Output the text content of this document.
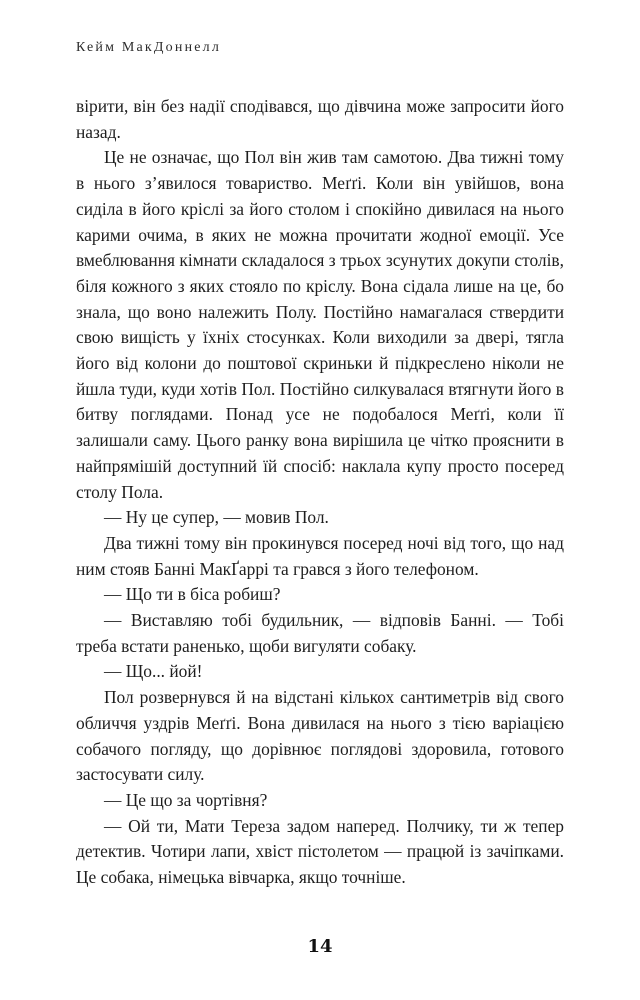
Кейм МакДоннелл

вірити, він без надії сподівався, що дівчина може запросити його назад.

Це не означає, що Пол він жив там самотою. Два тижні тому в нього з’явилося товариство. Меґґі. Коли він увійшов, вона сиділа в його кріслі за його столом і спокійно дивилася на нього карими очима, в яких не можна прочитати жодної емоції. Усе вмеблювання кімнати складалося з трьох зсунутих докупи столів, біля кожного з яких стояло по кріслу. Вона сідала лише на це, бо знала, що воно належить Полу. Постійно намагалася ствердити свою вищість у їхніх стосунках. Коли виходили за двері, тягла його від колони до поштової скриньки й підкреслено ніколи не йшла туди, куди хотів Пол. Постійно силкувалася втягнути його в битву поглядами. Понад усе не подобалося Меґґі, коли її залишали саму. Цього ранку вона вирішила це чітко прояснити в найпрямішій доступний їй спосіб: наклала купу просто посеред столу Пола.

— Ну це супер, — мовив Пол.

Два тижні тому він прокинувся посеред ночі від того, що над ним стояв Банні МакҐаррі та грався з його телефоном.

— Що ти в біса робиш?

— Виставляю тобі будильник, — відповів Банні. — Тобі треба встати раненько, щоби вигуляти собаку.

— Що... йой!

Пол розвернувся й на відстані кількох сантиметрів від свого обличчя уздрів Меґґі. Вона дивилася на нього з тією варіацією собачого погляду, що дорівнює поглядові здоровила, готового застосувати силу.

— Це що за чортівня?

— Ой ти, Мати Тереза задом наперед. Полчику, ти ж тепер детектив. Чотири лапи, хвіст пістолетом — працюй із зачіпками. Це собака, німецька вівчарка, якщо точніше.

14
